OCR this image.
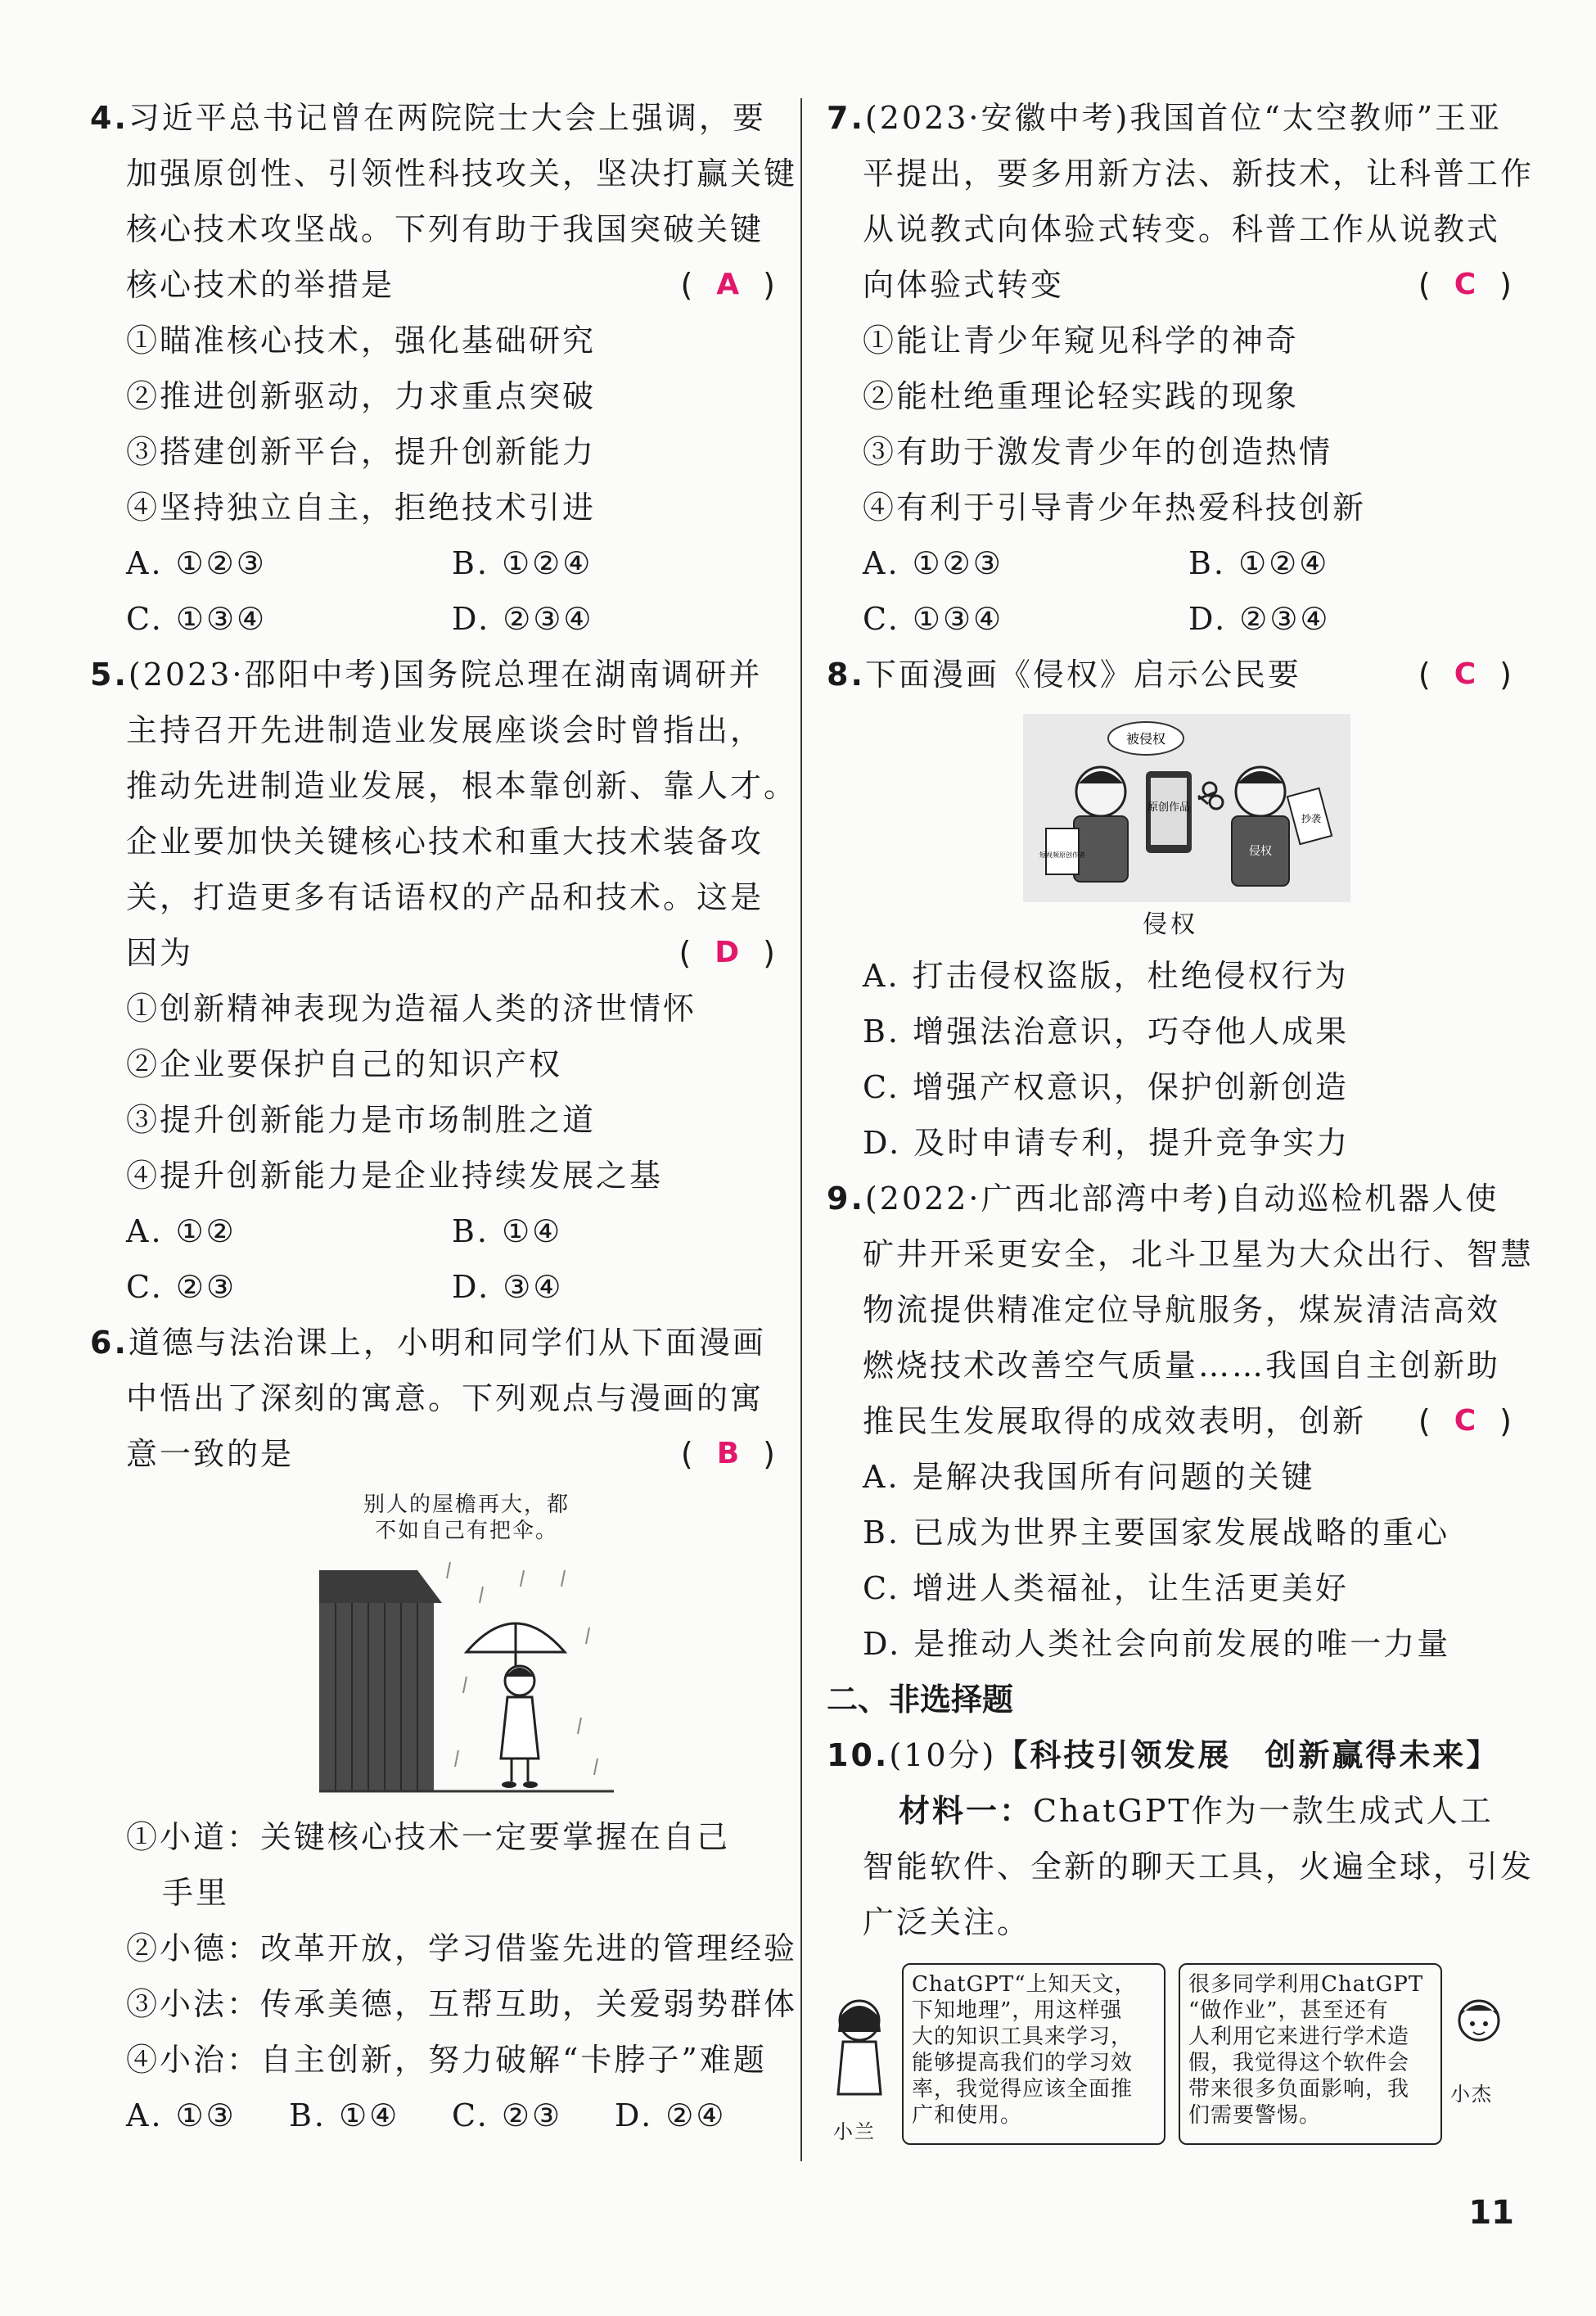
4.习近平总书记曾在两院院士大会上强调，要
加强原创性、引领性科技攻关，坚决打赢关键
核心技术攻坚战。下列有助于我国突破关键
核心技术的举措是	( A )
①瞄准核心技术，强化基础研究
②推进创新驱动，力求重点突破
③搭建创新平台，提升创新能力
④坚持独立自主，拒绝技术引进
A. ①②③	B. ①②④
C. ①③④	D. ②③④
5.(2023·邵阳中考)国务院总理在湖南调研并
主持召开先进制造业发展座谈会时曾指出，
推动先进制造业发展，根本靠创新、靠人才。
企业要加快关键核心技术和重大技术装备攻
关，打造更多有话语权的产品和技术。这是
因为	( D )
①创新精神表现为造福人类的济世情怀
②企业要保护自己的知识产权
③提升创新能力是市场制胜之道
④提升创新能力是企业持续发展之基
A. ①②	B. ①④
C. ②③	D. ③④
6.道德与法治课上，小明和同学们从下面漫画
中悟出了深刻的寓意。下列观点与漫画的寓
意一致的是	( B )
别人的屋檐再大，都
不如自己有把伞。
①小道：关键核心技术一定要掌握在自己
手里
②小德：改革开放，学习借鉴先进的管理经验
③小法：传承美德，互帮互助，关爱弱势群体
④小治：自主创新，努力破解“卡脖子”难题
A. ①③	B. ①④	C. ②③	D. ②④
7.(2023·安徽中考)我国首位“太空教师”王亚
平提出，要多用新方法、新技术，让科普工作
从说教式向体验式转变。科普工作从说教式
向体验式转变	( C )
①能让青少年窥见科学的神奇
②能杜绝重理论轻实践的现象
③有助于激发青少年的创造热情
④有利于引导青少年热爱科技创新
A. ①②③	B. ①②④
C. ①③④	D. ②③④
8.下面漫画《侵权》启示公民要	( C )
被侵权
原创作品
短视频原创作者
抄袭
侵权
侵权
A. 打击侵权盗版，杜绝侵权行为
B. 增强法治意识，巧夺他人成果
C. 增强产权意识，保护创新创造
D. 及时申请专利，提升竞争实力
9.(2022·广西北部湾中考)自动巡检机器人使
矿井开采更安全，北斗卫星为大众出行、智慧
物流提供精准定位导航服务，煤炭清洁高效
燃烧技术改善空气质量……我国自主创新助
推民生发展取得的成效表明，创新 ( C )
A. 是解决我国所有问题的关键
B. 已成为世界主要国家发展战略的重心
C. 增进人类福祉，让生活更美好
D. 是推动人类社会向前发展的唯一力量
二、非选择题
10.(10分)【科技引领发展　创新赢得未来】
材料一：ChatGPT作为一款生成式人工
智能软件、全新的聊天工具，火遍全球，引发
广泛关注。
小兰
ChatGPT“上知天文，
下知地理”，用这样强
大的知识工具来学习，
能够提高我们的学习效
率，我觉得应该全面推
广和使用。
很多同学利用ChatGPT
“做作业”，甚至还有
人利用它来进行学术造
假，我觉得这个软件会
带来很多负面影响，我
们需要警惕。
小杰
11
